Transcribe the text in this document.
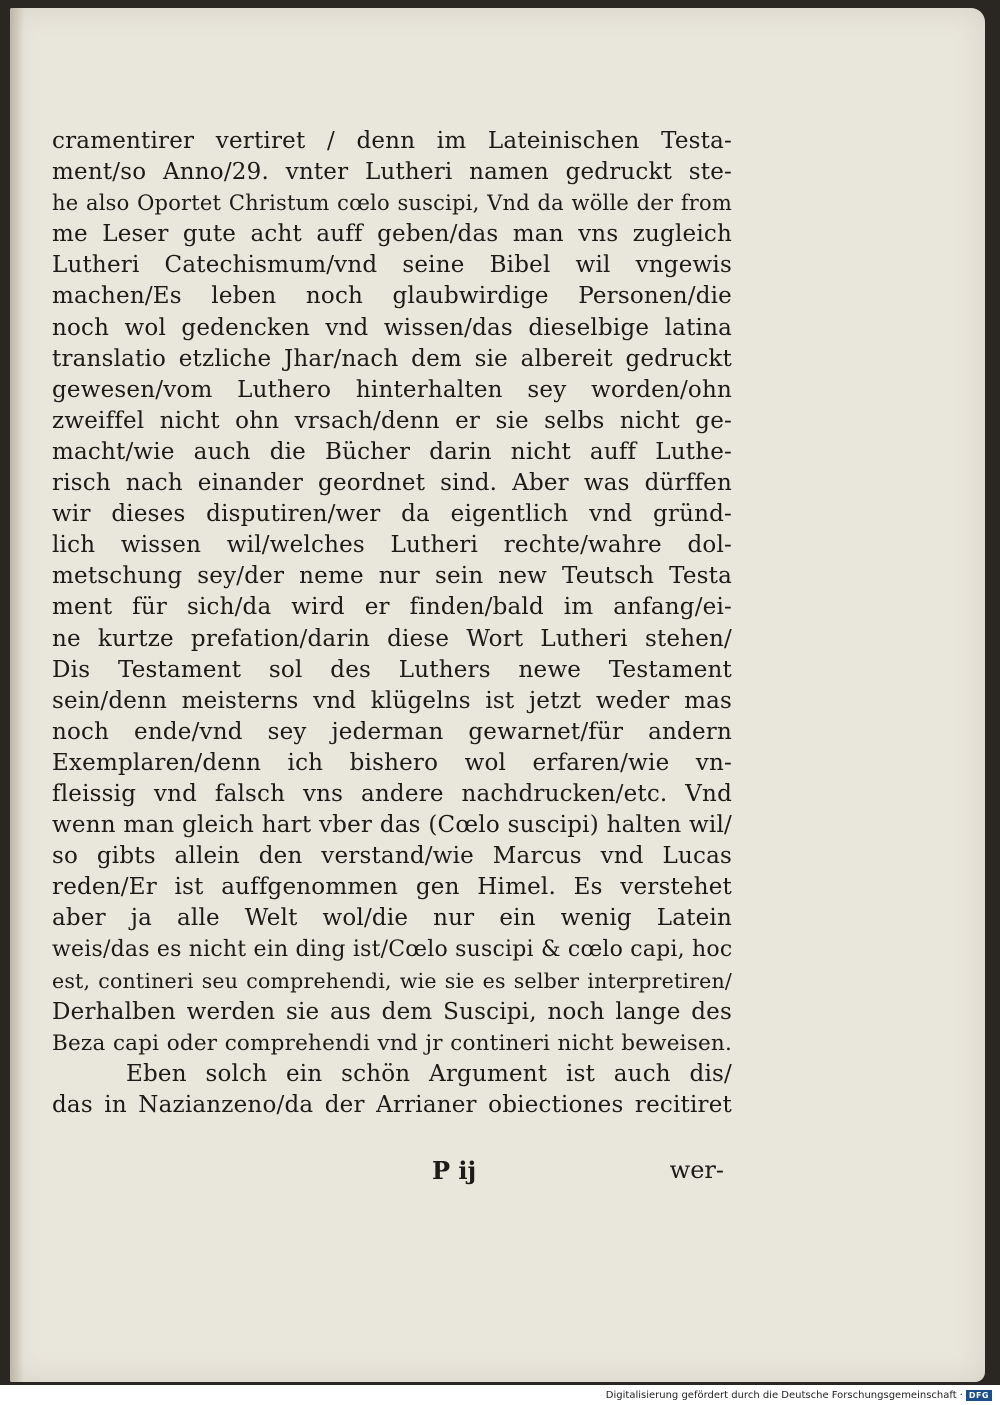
cramentirer vertiret / denn im Lateinischen Testa-
ment/so Anno/29. vnter Lutheri namen gedruckt ste-
he also Oportet Christum cœlo suscipi, Vnd da wölle der from
me Leser gute acht auff geben/das man vns zugleich
Lutheri Catechismum/vnd seine Bibel wil vngewis
machen/Es leben noch glaubwirdige Personen/die
noch wol gedencken vnd wissen/das dieselbige latina
translatio etzliche Jhar/nach dem sie albereit gedruckt
gewesen/vom Luthero hinterhalten sey worden/ohn
zweiffel nicht ohn vrsach/denn er sie selbs nicht ge-
macht/wie auch die Bücher darin nicht auff Luthe-
risch nach einander geordnet sind. Aber was dürffen
wir dieses disputiren/wer da eigentlich vnd gründ-
lich wissen wil/welches Lutheri rechte/wahre dol-
metschung sey/der neme nur sein new Teutsch Testa
ment für sich/da wird er finden/bald im anfang/ei-
ne kurtze prefation/darin diese Wort Lutheri stehen/
Dis Testament sol des Luthers newe Testament
sein/denn meisterns vnd klügelns ist jetzt weder mas
noch ende/vnd sey jederman gewarnet/für andern
Exemplaren/denn ich bishero wol erfaren/wie vn-
fleissig vnd falsch vns andere nachdrucken/etc. Vnd
wenn man gleich hart vber das (Cœlo suscipi) halten wil/
so gibts allein den verstand/wie Marcus vnd Lucas
reden/Er ist auffgenommen gen Himel. Es verstehet
aber ja alle Welt wol/die nur ein wenig Latein
weis/das es nicht ein ding ist/Cœlo suscipi & cœlo capi, hoc
est, contineri seu comprehendi, wie sie es selber interpretiren/
Derhalben werden sie aus dem Suscipi, noch lange des
Beza capi oder comprehendi vnd jr contineri nicht beweisen.
Eben solch ein schön Argument ist auch dis/
das in Nazianzeno/da der Arrianer obiectiones recitiret
P ij	wer-
Digitalisierung gefördert durch die Deutsche Forschungsgemeinschaft · DFG
